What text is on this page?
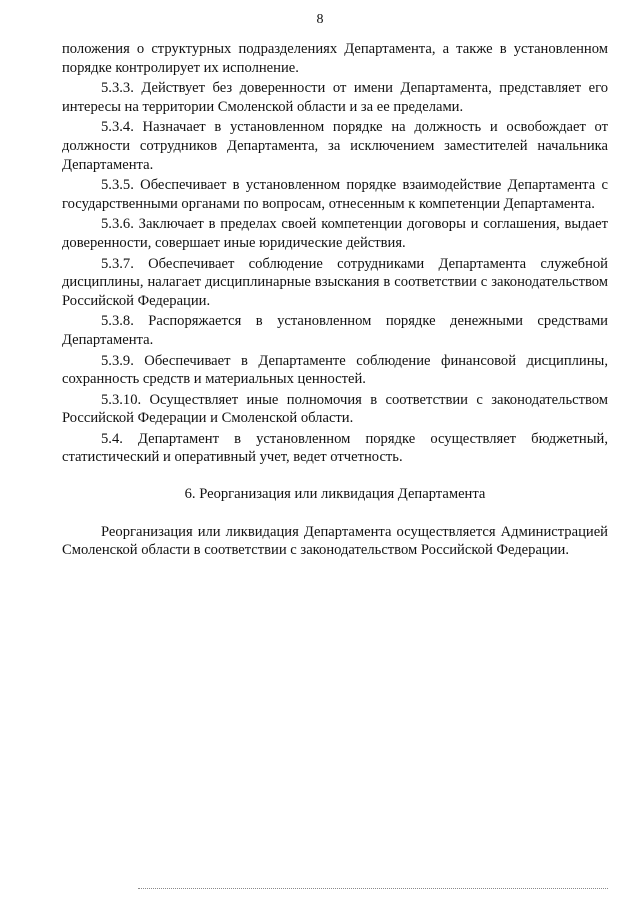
8

положения о структурных подразделениях Департамента, а также в установленном порядке контролирует их исполнение.

5.3.3. Действует без доверенности от имени Департамента, представляет его интересы на территории Смоленской области и за ее пределами.

5.3.4. Назначает в установленном порядке на должность и освобождает от должности сотрудников Департамента, за исключением заместителей начальника Департамента.

5.3.5. Обеспечивает в установленном порядке взаимодействие Департамента с государственными органами по вопросам, отнесенным к компетенции Департамента.

5.3.6. Заключает в пределах своей компетенции договоры и соглашения, выдает доверенности, совершает иные юридические действия.

5.3.7. Обеспечивает соблюдение сотрудниками Департамента служебной дисциплины, налагает дисциплинарные взыскания в соответствии с законодательством Российской Федерации.

5.3.8. Распоряжается в установленном порядке денежными средствами Департамента.

5.3.9. Обеспечивает в Департаменте соблюдение финансовой дисциплины, сохранность средств и материальных ценностей.

5.3.10. Осуществляет иные полномочия в соответствии с законодательством Российской Федерации и Смоленской области.

5.4. Департамент в установленном порядке осуществляет бюджетный, статистический и оперативный учет, ведет отчетность.

6. Реорганизация или ликвидация Департамента

Реорганизация или ликвидация Департамента осуществляется Администрацией Смоленской области в соответствии с законодательством Российской Федерации.
